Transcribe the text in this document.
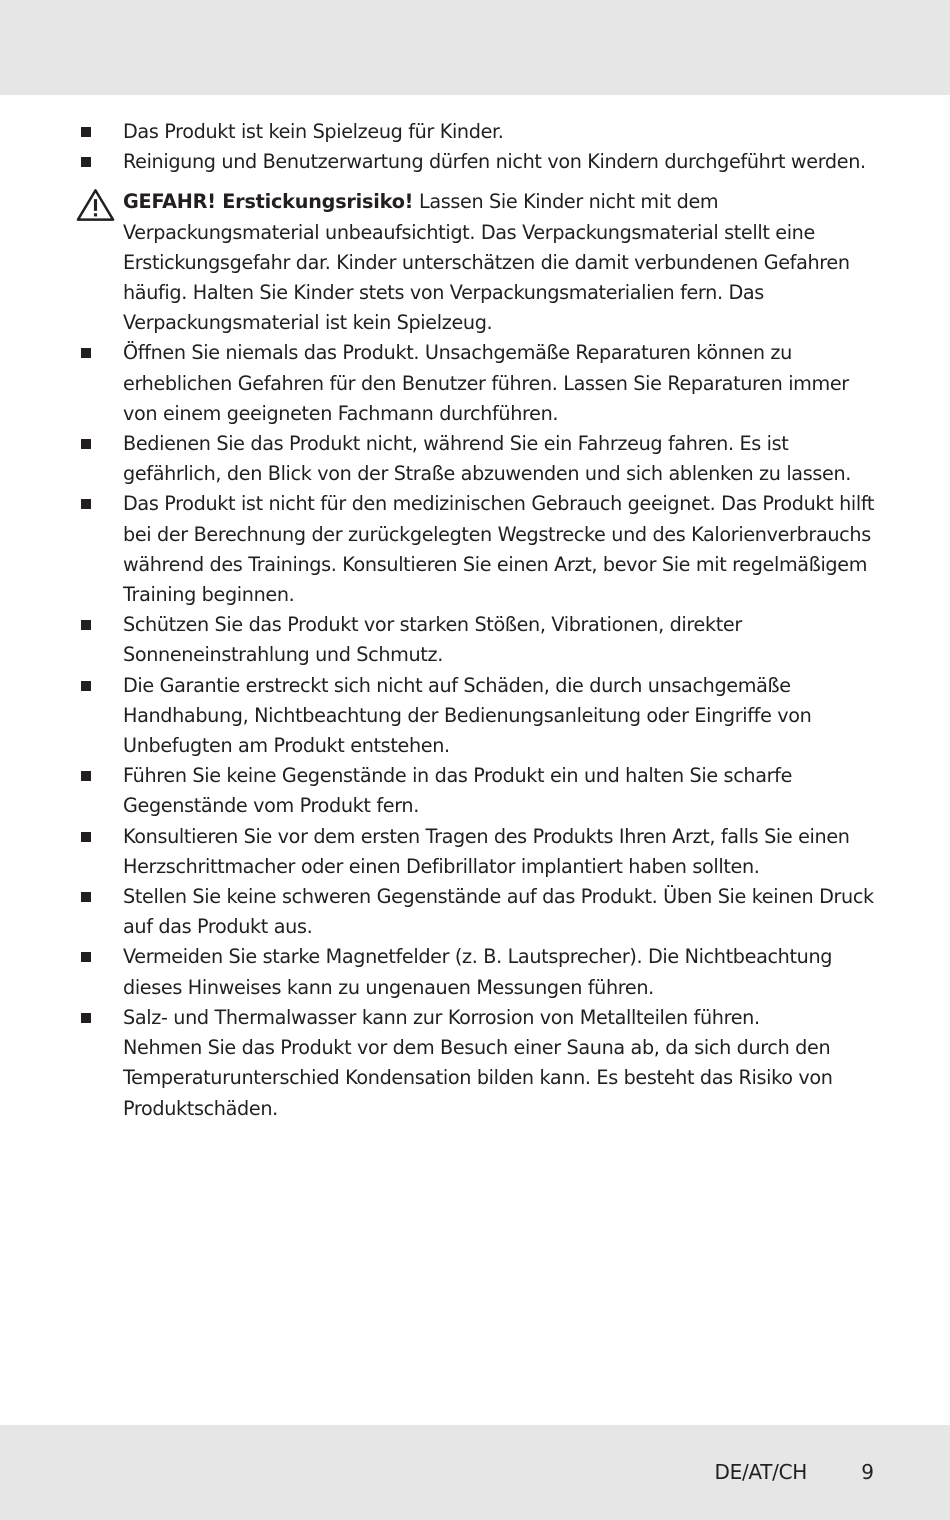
Das Produkt ist kein Spielzeug für Kinder.
Reinigung und Benutzerwartung dürfen nicht von Kindern durchgeführt werden.

GEFAHR! Erstickungsrisiko! Lassen Sie Kinder nicht mit dem Verpackungsmaterial unbeaufsichtigt. Das Verpackungsmaterial stellt eine Erstickungsgefahr dar. Kinder unterschätzen die damit verbundenen Gefahren häufig. Halten Sie Kinder stets von Verpackungsmaterialien fern. Das Verpackungsmaterial ist kein Spielzeug.

Öffnen Sie niemals das Produkt. Unsachgemäße Reparaturen können zu erheblichen Gefahren für den Benutzer führen. Lassen Sie Reparaturen immer von einem geeigneten Fachmann durchführen.
Bedienen Sie das Produkt nicht, während Sie ein Fahrzeug fahren. Es ist gefährlich, den Blick von der Straße abzuwenden und sich ablenken zu lassen.
Das Produkt ist nicht für den medizinischen Gebrauch geeignet. Das Produkt hilft bei der Berechnung der zurückgelegten Wegstrecke und des Kalorienverbrauchs während des Trainings. Konsultieren Sie einen Arzt, bevor Sie mit regelmäßigem Training beginnen.
Schützen Sie das Produkt vor starken Stößen, Vibrationen, direkter Sonneneinstrahlung und Schmutz.
Die Garantie erstreckt sich nicht auf Schäden, die durch unsachgemäße Handhabung, Nichtbeachtung der Bedienungsanleitung oder Eingriffe von Unbefugten am Produkt entstehen.
Führen Sie keine Gegenstände in das Produkt ein und halten Sie scharfe Gegenstände vom Produkt fern.
Konsultieren Sie vor dem ersten Tragen des Produkts Ihren Arzt, falls Sie einen Herzschrittmacher oder einen Defibrillator implantiert haben sollten.
Stellen Sie keine schweren Gegenstände auf das Produkt. Üben Sie keinen Druck auf das Produkt aus.
Vermeiden Sie starke Magnetfelder (z. B. Lautsprecher). Die Nichtbeachtung dieses Hinweises kann zu ungenauen Messungen führen.

Salz- und Thermalwasser kann zur Korrosion von Metallteilen führen.

Nehmen Sie das Produkt vor dem Besuch einer Sauna ab, da sich durch den Temperaturunterschied Kondensation bilden kann. Es besteht das Risiko von Produktschäden.

DE/AT/CH	9
